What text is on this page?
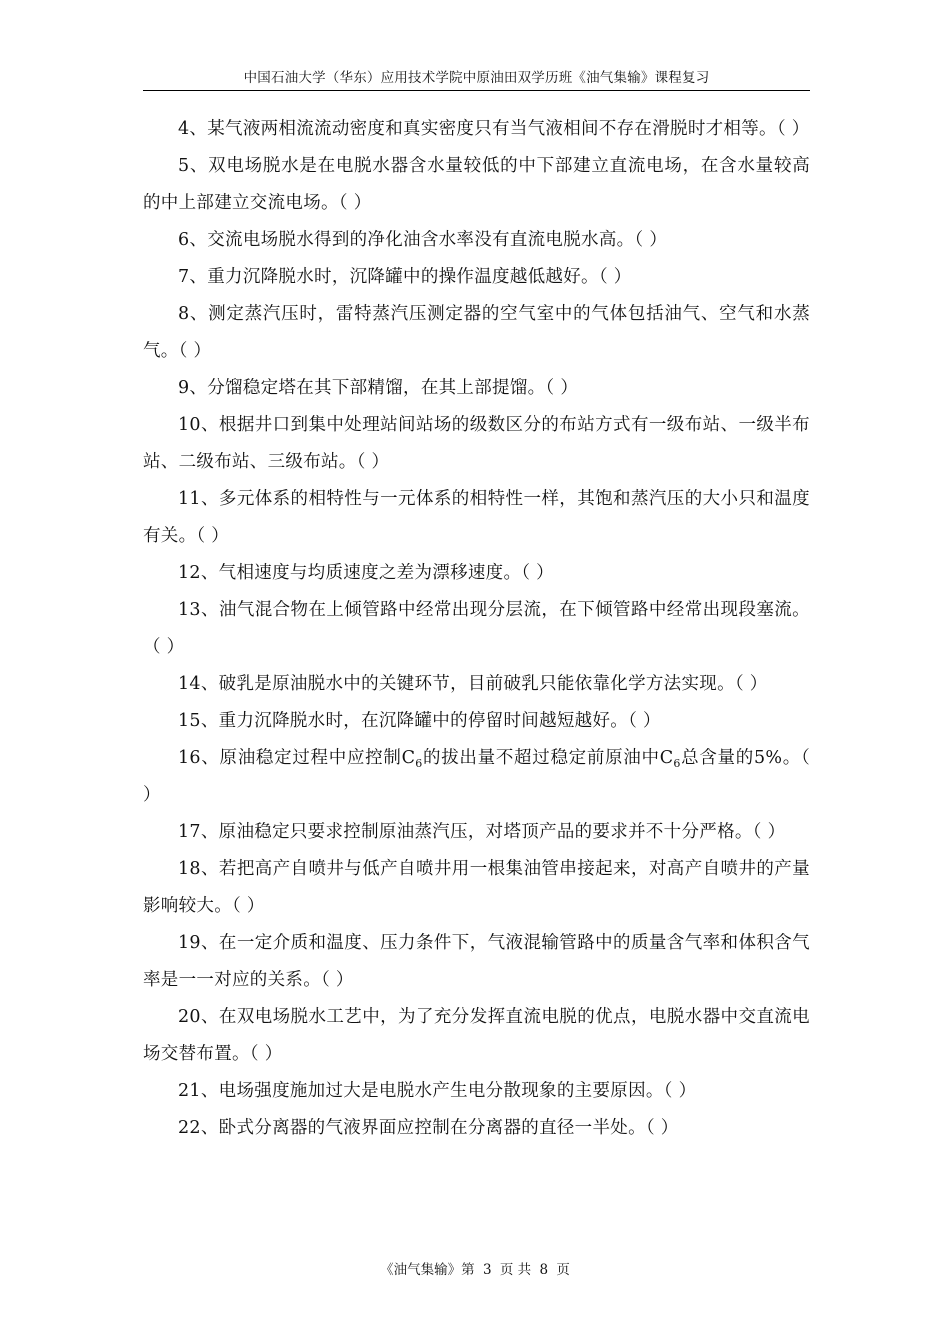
中国石油大学（华东）应用技术学院中原油田双学历班《油气集输》课程复习

4、某气液两相流流动密度和真实密度只有当气液相间不存在滑脱时才相等。（ ）

5、双电场脱水是在电脱水器含水量较低的中下部建立直流电场，在含水量较高的中上部建立交流电场。（ ）

6、交流电场脱水得到的净化油含水率没有直流电脱水高。（ ）

7、重力沉降脱水时，沉降罐中的操作温度越低越好。（ ）

8、测定蒸汽压时，雷特蒸汽压测定器的空气室中的气体包括油气、空气和水蒸气。（ ）

9、分馏稳定塔在其下部精馏，在其上部提馏。（ ）

10、根据井口到集中处理站间站场的级数区分的布站方式有一级布站、一级半布站、二级布站、三级布站。（ ）

11、多元体系的相特性与一元体系的相特性一样，其饱和蒸汽压的大小只和温度有关。（ ）

12、气相速度与均质速度之差为漂移速度。（ ）

13、油气混合物在上倾管路中经常出现分层流，在下倾管路中经常出现段塞流。（ ）

14、破乳是原油脱水中的关键环节，目前破乳只能依靠化学方法实现。（ ）

15、重力沉降脱水时，在沉降罐中的停留时间越短越好。（ ）

16、原油稳定过程中应控制$C_6$的拔出量不超过稳定前原油中$C_6$总含量的5%。（ ）

17、原油稳定只要求控制原油蒸汽压，对塔顶产品的要求并不十分严格。（ ）

18、若把高产自喷井与低产自喷井用一根集油管串接起来，对高产自喷井的产量影响较大。（ ）

19、在一定介质和温度、压力条件下，气液混输管路中的质量含气率和体积含气率是一一对应的关系。（ ）

20、在双电场脱水工艺中，为了充分发挥直流电脱的优点，电脱水器中交直流电场交替布置。（ ）

21、电场强度施加过大是电脱水产生电分散现象的主要原因。（ ）

22、卧式分离器的气液界面应控制在分离器的直径一半处。（ ）

《油气集输》第 3 页 共 8 页
